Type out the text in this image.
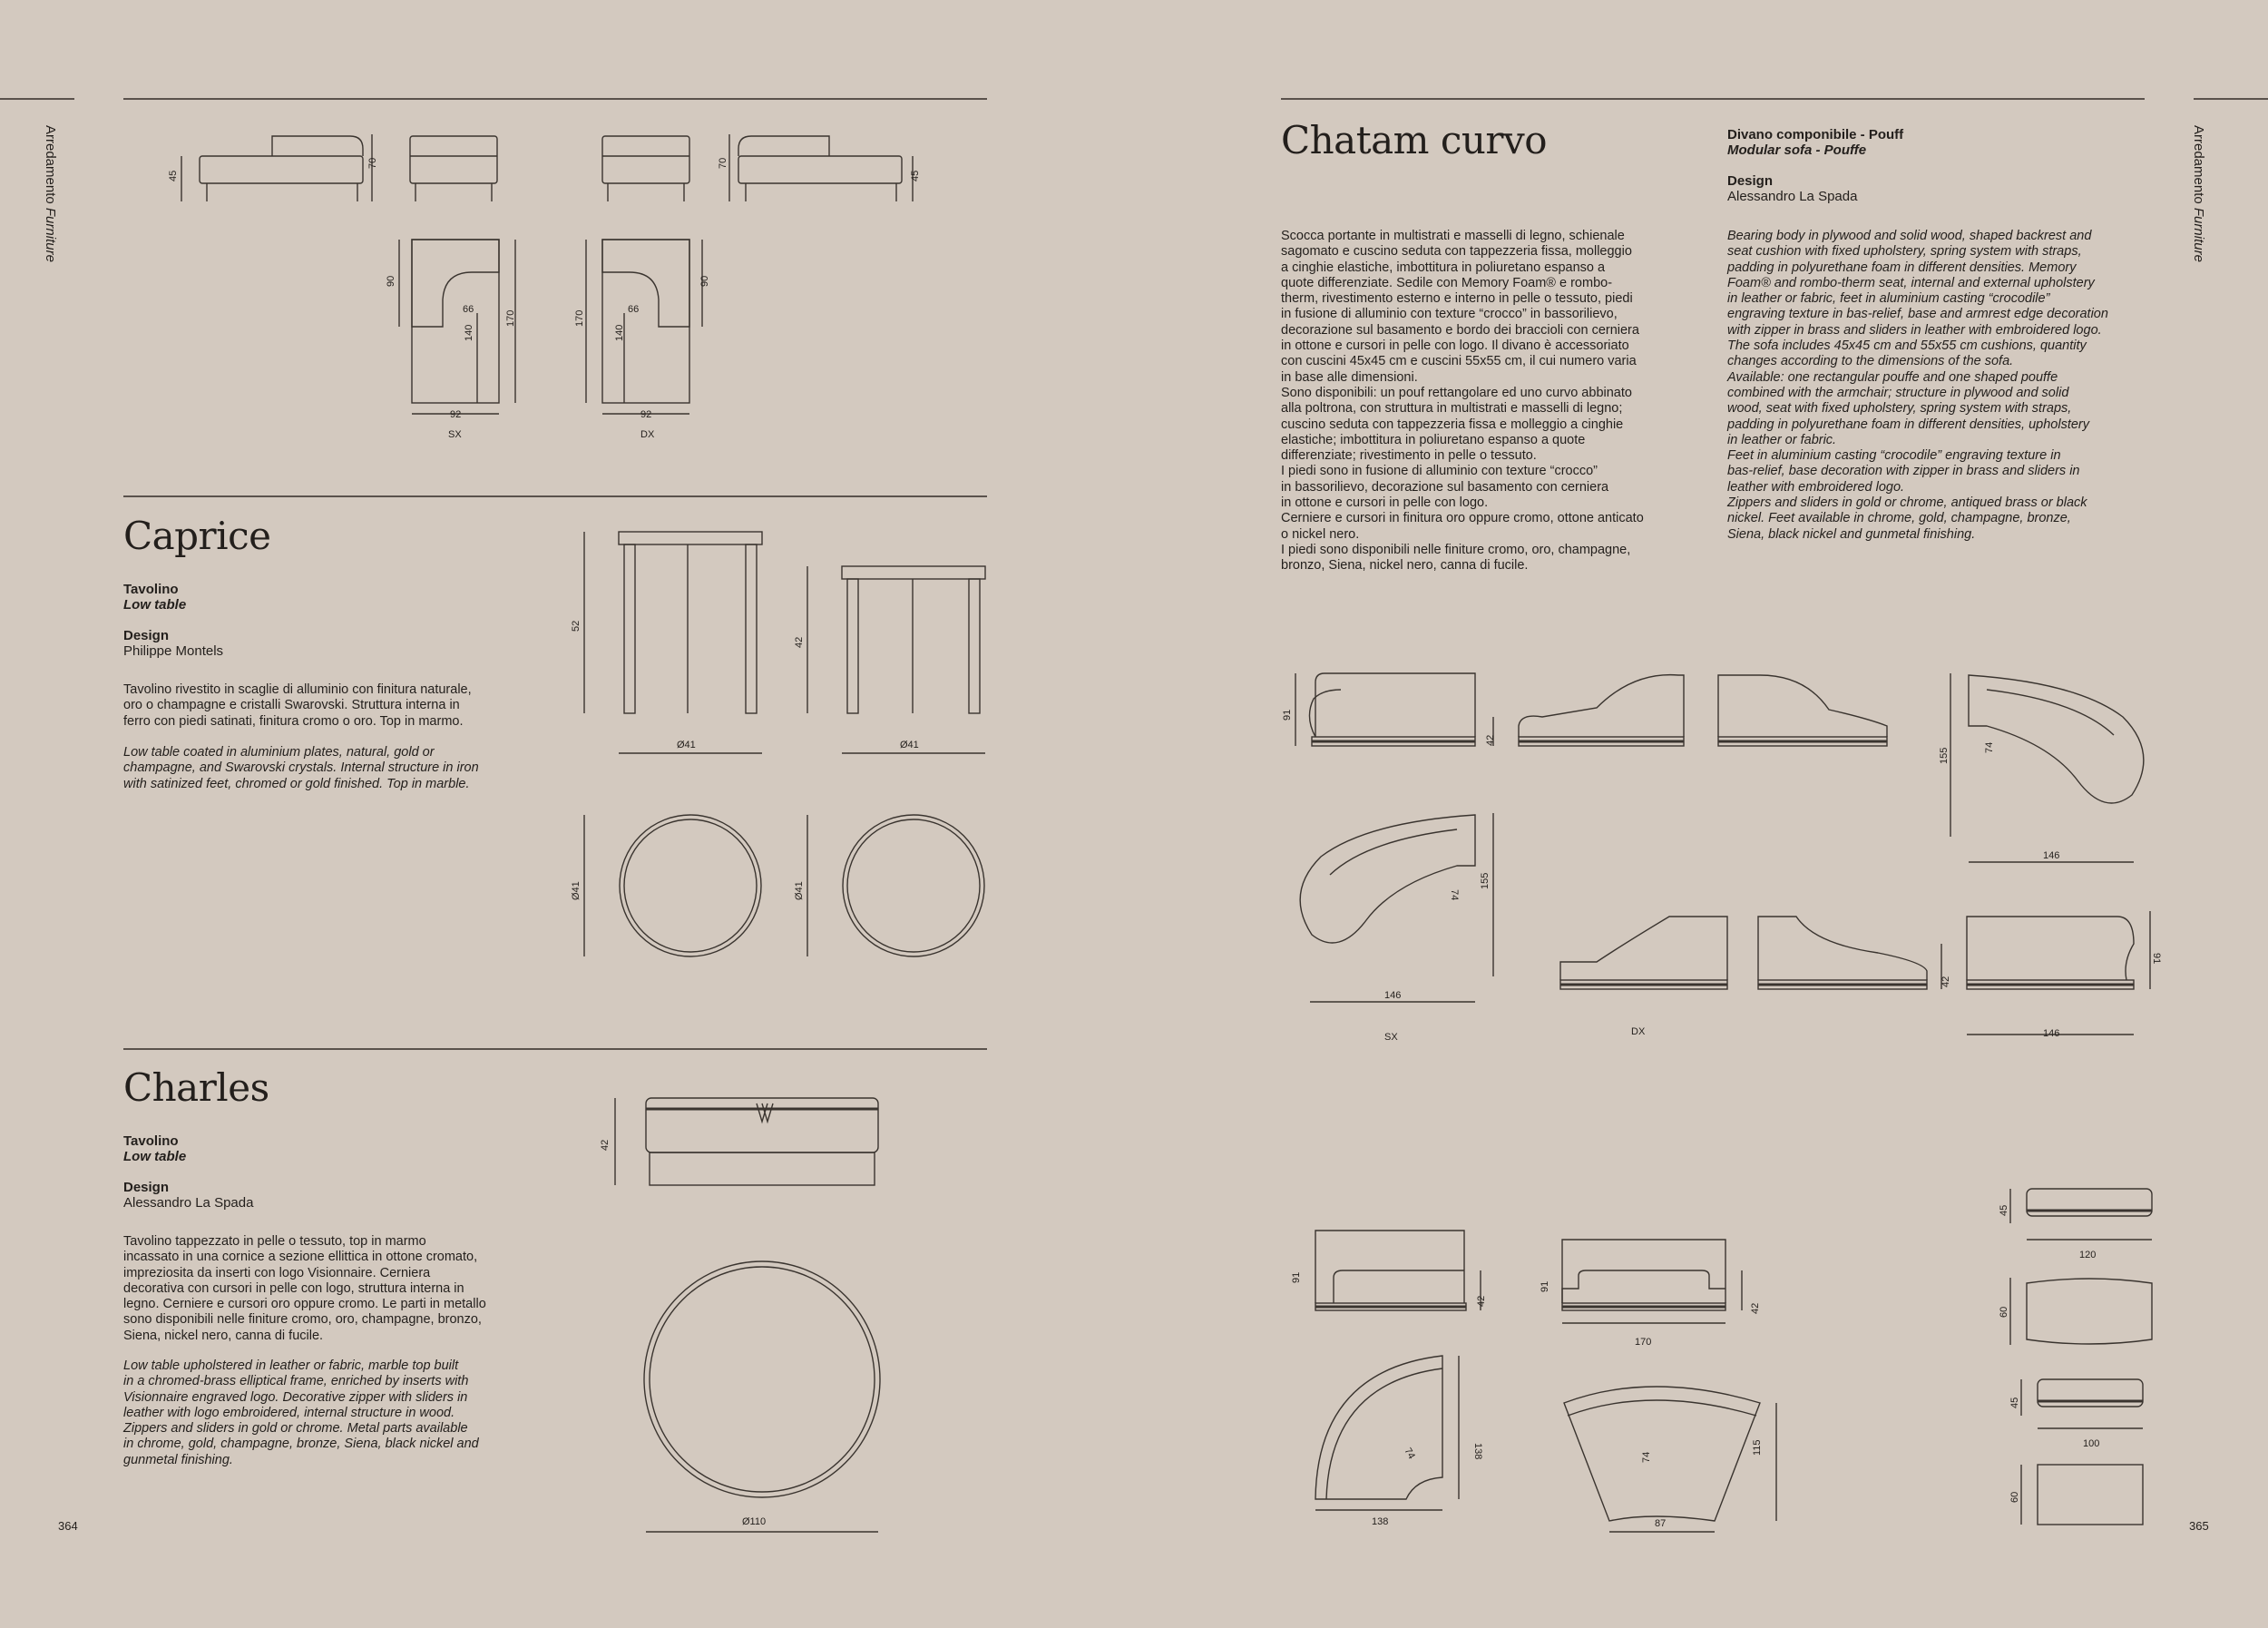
Arredamento Furniture
364
Caprice
Tavolino
Low table
Design
Philippe Montels
Tavolino rivestito in scaglie di alluminio con finitura naturale,
oro o champagne e cristalli Swarovski. Struttura interna in
ferro con piedi satinati, finitura cromo o oro. Top in marmo.
Low table coated in aluminium plates, natural, gold or
champagne, and Swarovski crystals. Internal structure in iron
with satinized feet, chromed or gold finished. Top in marble.
Charles
Tavolino
Low table
Design
Alessandro La Spada
Tavolino tappezzato in pelle o tessuto, top in marmo
incassato in una cornice a sezione ellittica in ottone cromato,
impreziosita da inserti con logo Visionnaire. Cerniera
decorativa con cursori in pelle con logo, struttura interna in
legno. Cerniere e cursori oro oppure cromo. Le parti in metallo
sono disponibili nelle finiture cromo, oro, champagne, bronzo,
Siena, nickel nero, canna di fucile.
Low table upholstered in leather or fabric, marble top built
in a chromed-brass elliptical frame, enriched by inserts with
Visionnaire engraved logo. Decorative zipper with sliders in
leather with logo embroidered, internal structure in wood.
Zippers and sliders in gold or chrome. Metal parts available
in chrome, gold, champagne, bronze, Siena, black nickel and
gunmetal finishing.
Arredamento Furniture
365
Chatam curvo	Divano componibile - Pouff
Modular sofa - Pouffe
Design
Alessandro La Spada
Scocca portante in multistrati e masselli di legno, schienale
sagomato e cuscino seduta con tappezzeria fissa, molleggio
a cinghie elastiche, imbottitura in poliuretano espanso a
quote differenziate. Sedile con Memory Foam® e rombo-
therm, rivestimento esterno e interno in pelle o tessuto, piedi
in fusione di alluminio con texture “crocco” in bassorilievo,
decorazione sul basamento e bordo dei braccioli con cerniera
in ottone e cursori in pelle con logo. Il divano è accessoriato
con cuscini 45x45 cm e cuscini 55x55 cm, il cui numero varia
in base alle dimensioni.
Sono disponibili: un pouf rettangolare ed uno curvo abbinato
alla poltrona, con struttura in multistrati e masselli di legno;
cuscino seduta con tappezzeria fissa e molleggio a cinghie
elastiche; imbottitura in poliuretano espanso a quote
differenziate; rivestimento in pelle o tessuto.
I piedi sono in fusione di alluminio con texture “crocco”
in bassorilievo, decorazione sul basamento con cerniera
in ottone e cursori in pelle con logo.
Cerniere e cursori in finitura oro oppure cromo, ottone anticato
o nickel nero.
I piedi sono disponibili nelle finiture cromo, oro, champagne,
bronzo, Siena, nickel nero, canna di fucile.
Bearing body in plywood and solid wood, shaped backrest and
seat cushion with fixed upholstery, spring system with straps,
padding in polyurethane foam in different densities. Memory
Foam® and rombo-therm seat, internal and external upholstery
in leather or fabric, feet in aluminium casting “crocodile”
engraving texture in bas-relief, base and armrest edge decoration
with zipper in brass and sliders in leather with embroidered logo.
The sofa includes 45x45 cm and 55x55 cm cushions, quantity
changes according to the dimensions of the sofa.
Available: one rectangular pouffe and one shaped pouffe
combined with the armchair; structure in plywood and solid
wood, seat with fixed upholstery, spring system with straps,
padding in polyurethane foam in different densities, upholstery
in leather or fabric.
Feet in aluminium casting “crocodile” engraving texture in
bas-relief, base decoration with zipper in brass and sliders in
leather with embroidered logo.
Zippers and sliders in gold or chrome, antiqued brass or black
nickel. Feet available in chrome, gold, champagne, bronze,
Siena, black nickel and gunmetal finishing.
45
70	70
45
90	90
66	66
140	140
170	170
92	92
SX	DX
52
42
Ø41	Ø41
Ø41	Ø41
42
Ø110
91
42
155	74
146
74
155
146
SX	DX
42
91
146
91
42
91
42
170
74	138
138
74
115
87
45
120
60
45
100
60
